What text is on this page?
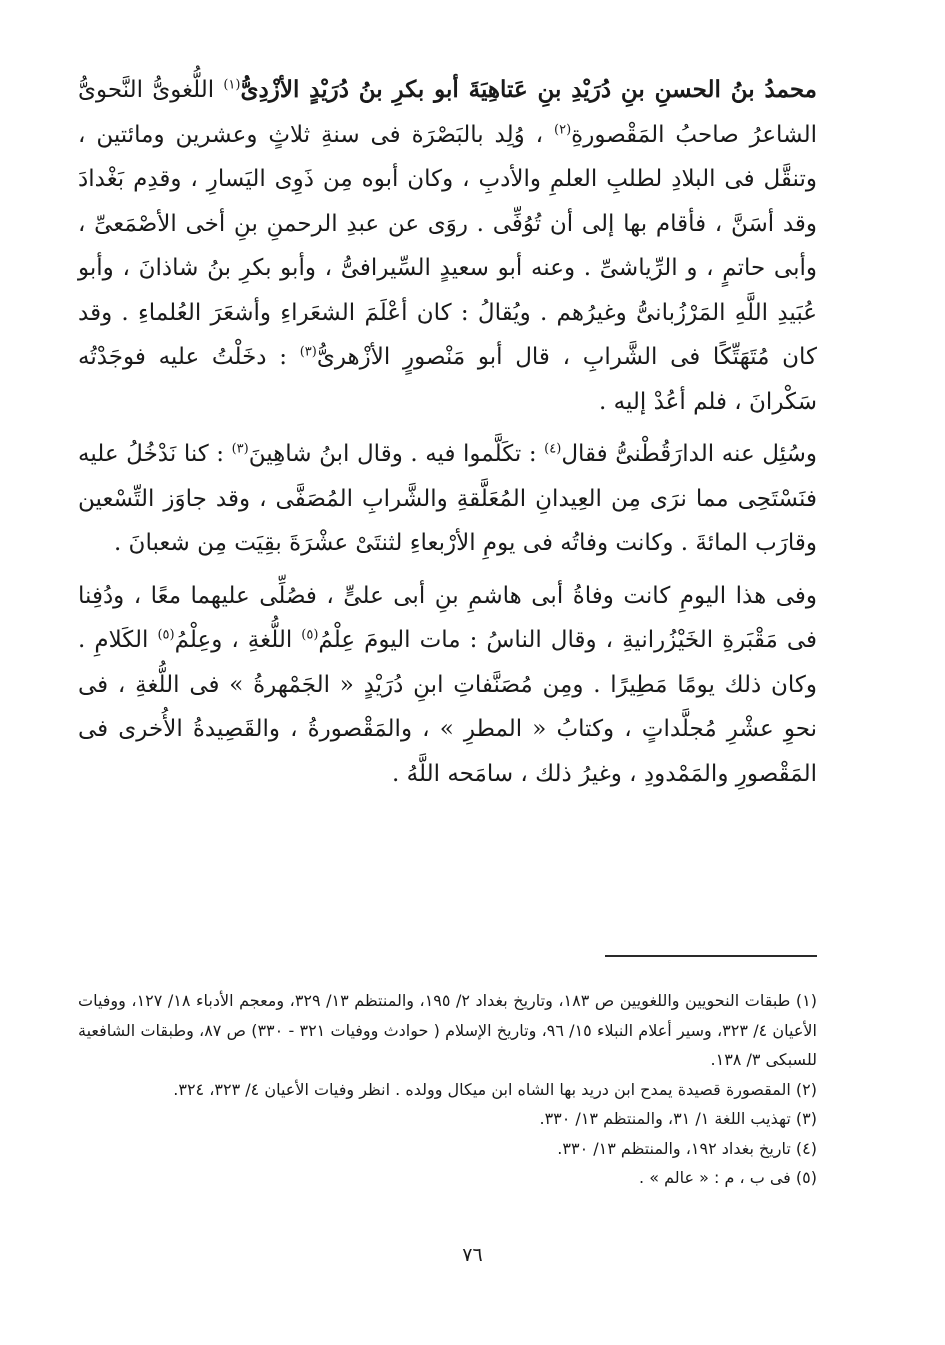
محمدُ بنُ الحسنِ بنِ دُرَيْدِ بنِ عَتاهِيَةَ أبو بكرِ بنُ دُرَيْدٍ الأزْدِىُّ$^{(١)}$ اللُّغوىُّ النَّحوىُّ الشاعرُ صاحبُ المَقْصورةِ$^{(٢)}$ ، وُلِد بالبَصْرَة فى سنةِ ثلاثٍ وعشرين ومائتين ، وتنقَّل فى البلادِ لطلبِ العلمِ والأدبِ ، وكان أبوه مِن ذَوِى اليَسارِ ، وقدِم بَغْدادَ وقد أسَنَّ ، فأقام بها إلى أن تُوُفِّى . روَى عن عبدِ الرحمنِ بنِ أخى الأصْمَعىِّ ، وأبى حاتمٍ ، و الرِّياشىِّ . وعنه أبو سعيدٍ السِّيرافىُّ ، وأبو بكرِ بنُ شاذانَ ، وأبو عُبَيدِ اللَّهِ المَرْزُبانىُّ وغيرُهم . ويُقالُ : كان أعْلَمَ الشعَراءِ وأشعَرَ العُلماءِ . وقد كان مُتَهَتِّكًا فى الشَّرابِ ، قال أبو مَنْصورٍ الأزْهرىُّ$^{(٣)}$ : دخَلْتُ عليه فوجَدْتُه سَكْرانَ ، فلم أعُدْ إليه .

وسُئِل عنه الدارَقُطْنىُّ فقال$^{(٤)}$ : تكَلَّموا فيه . وقال ابنُ شاهِينَ$^{(٣)}$ : كنا نَدْخُلُ عليه فنَسْتَحِى مما نرَى مِن العِيدانِ المُعَلَّقةِ والشَّرابِ المُصَفَّى ، وقد جاوَز التِّسْعين وقارَب المائةَ . وكانت وفاتُه فى يومِ الأرْبعاءِ لثنتَىْ عشْرَةَ بقِيَت مِن شعبانَ .

وفى هذا اليومِ كانت وفاةُ أبى هاشمِ بنِ أبى علىٍّ ، فصُلِّى عليهما معًا ، ودُفِنا فى مَقْبَرةِ الخَيْزُرانيةِ ، وقال الناسُ : مات اليومَ عِلْمُ$^{(٥)}$ اللُّغةِ ، وعِلْمُ$^{(٥)}$ الكَلامِ . وكان ذلك يومًا مَطِيرًا . ومِن مُصَنَّفاتِ ابنِ دُرَيْدٍ « الجَمْهرةُ » فى اللُّغةِ ، فى نحوِ عشْرِ مُجلَّداتٍ ، وكتابُ « المطرِ » ، والمَقْصورةُ ، والقَصِيدةُ الأُخرى فى المَقْصورِ والمَمْدودِ ، وغيرُ ذلك ، سامَحه اللَّهُ .

(١) طبقات النحويين واللغويين ص ١٨٣، وتاريخ بغداد ٢/ ١٩٥، والمنتظم ١٣/ ٣٢٩، ومعجم الأدباء ١٨/ ١٢٧، ووفيات الأعيان ٤/ ٣٢٣، وسير أعلام النبلاء ١٥/ ٩٦، وتاريخ الإسلام ( حوادث ووفيات ٣٢١ - ٣٣٠) ص ٨٧، وطبقات الشافعية للسبكى ٣/ ١٣٨.

(٢) المقصورة قصيدة يمدح ابن دريد بها الشاه ابن ميكال وولده . انظر وفيات الأعيان ٤/ ٣٢٣، ٣٢٤.

(٣) تهذيب اللغة ١/ ٣١، والمنتظم ١٣/ ٣٣٠.

(٤) تاريخ بغداد ١٩٢، والمنتظم ١٣/ ٣٣٠.

(٥) فى ب ، م : « عالم » .

٧٦
